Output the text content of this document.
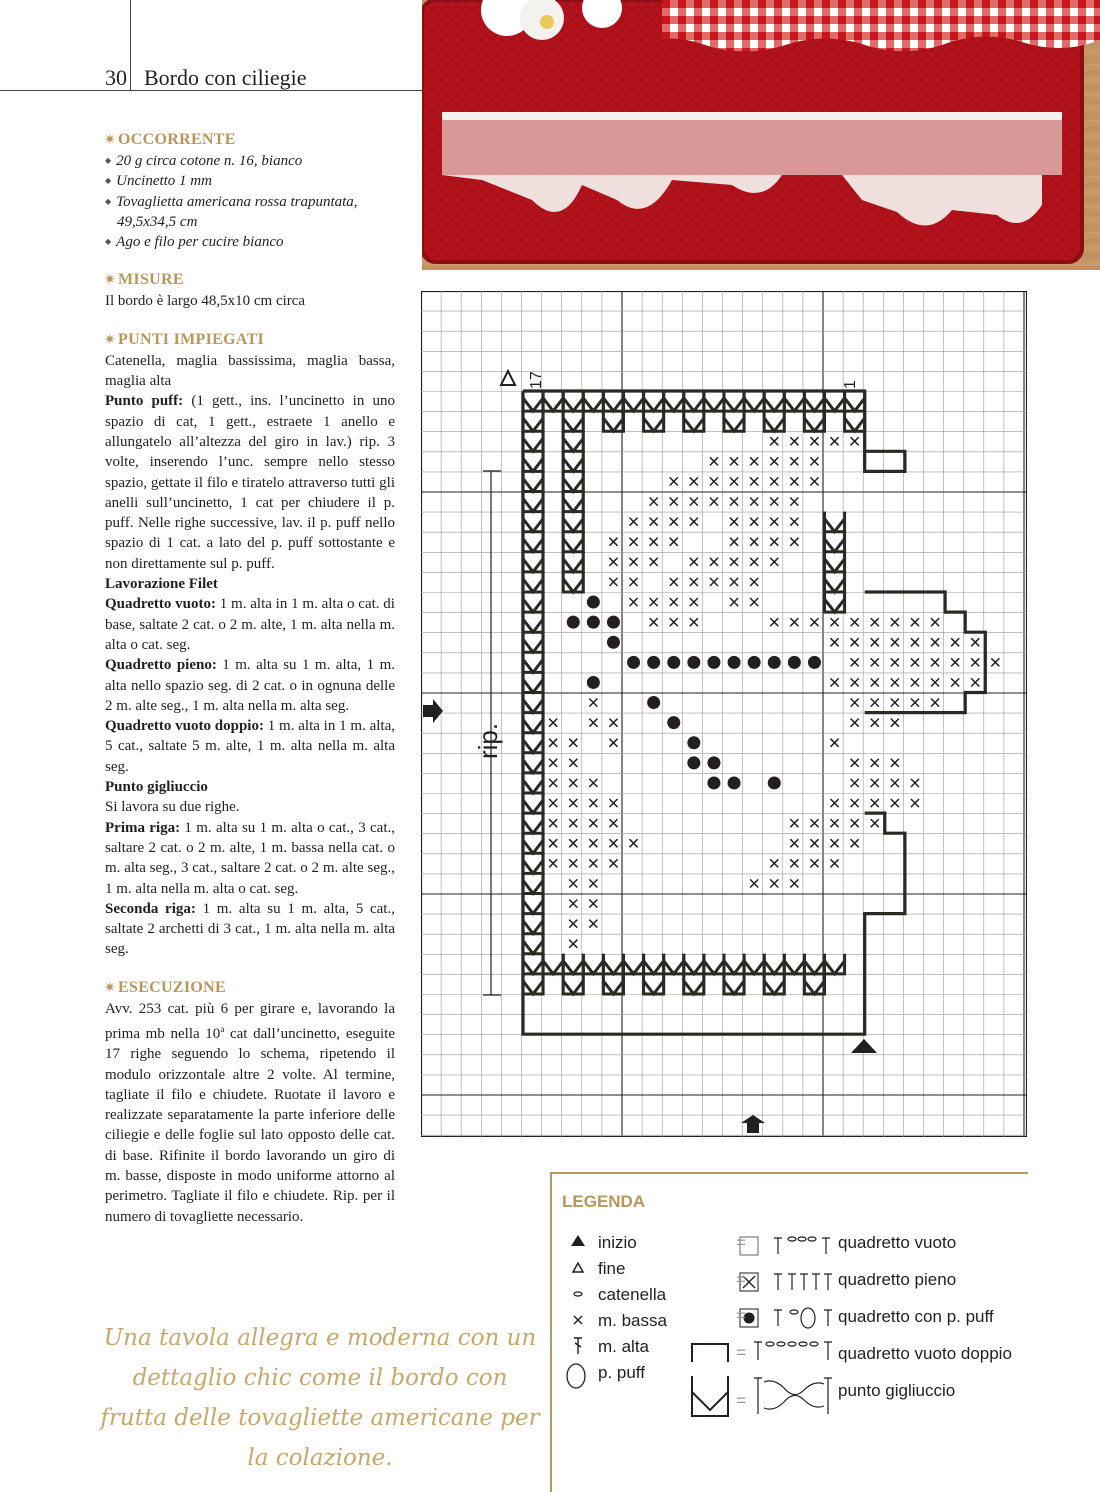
30 Bordo con ciliegie
✷ OCCORRENTE
◆ 20 g circa cotone n. 16, bianco
◆ Uncinetto 1 mm
◆ Tovaglietta americana rossa trapuntata, 49,5x34,5 cm
◆ Ago e filo per cucire bianco
✷ MISURE

Il bordo è largo 48,5x10 cm circa

✷ PUNTI IMPIEGATI

Catenella, maglia bassissima, maglia bassa, maglia alta

Punto puff: (1 gett., ins. l’uncinetto in uno spazio di cat, 1 gett., estraete 1 anello e allungatelo all’altezza del giro in lav.) rip. 3 volte, inserendo l’unc. sempre nello stesso spazio, gettate il filo e tiratelo attraverso tutti gli anelli sull’uncinetto, 1 cat per chiudere il p. puff. Nelle righe successive, lav. il p. puff nello spazio di 1 cat. a lato del p. puff sottostante e non direttamente sul p. puff.

Lavorazione Filet

Quadretto vuoto: 1 m. alta in 1 m. alta o cat. di base, saltate 2 cat. o 2 m. alte, 1 m. alta nella m. alta o cat. seg.

Quadretto pieno: 1 m. alta su 1 m. alta, 1 m. alta nello spazio seg. di 2 cat. o in ognuna delle 2 m. alte seg., 1 m. alta nella m. alta seg.

Quadretto vuoto doppio: 1 m. alta in 1 m. alta, 5 cat., saltate 5 m. alte, 1 m. alta nella m. alta seg.

Punto gigliuccio

Si lavora su due righe.

Prima riga: 1 m. alta su 1 m. alta o cat., 3 cat., saltare 2 cat. o 2 m. alte, 1 m. bassa nella cat. o m. alta seg., 3 cat., saltare 2 cat. o 2 m. alte seg., 1 m. alta nella m. alta o cat. seg.

Seconda riga: 1 m. alta su 1 m. alta, 5 cat., saltate 2 archetti di 3 cat., 1 m. alta nella m. alta seg.

✷ ESECUZIONE

Avv. 253 cat. più 6 per girare e, lavorando la prima mb nella 10$^a$ cat dall’uncinetto, eseguite 17 righe seguendo lo schema, ripetendo il modulo orizzontale altre 2 volte. Al termine, tagliate il filo e chiudete. Ruotate il lavoro e realizzate separatamente la parte inferiore delle ciliegie e delle foglie sul lato opposto delle cat. di base. Rifinite il bordo lavorando un giro di m. basse, disposte in modo uniforme attorno al perimetro. Tagliate il filo e chiudete. Rip. per il numero di tovagliette necessario.

17	1
rip.
LEGENDA
inizio
fine
catenella
m. bassa
m. alta
p. puff
=
=
=
=
=
quadretto vuoto
quadretto pieno
quadretto con p. puff
quadretto vuoto doppio
punto gigliuccio
Una tavola allegra e moderna con un dettaglio chic come il bordo con frutta delle tovagliette americane per la colazione.
